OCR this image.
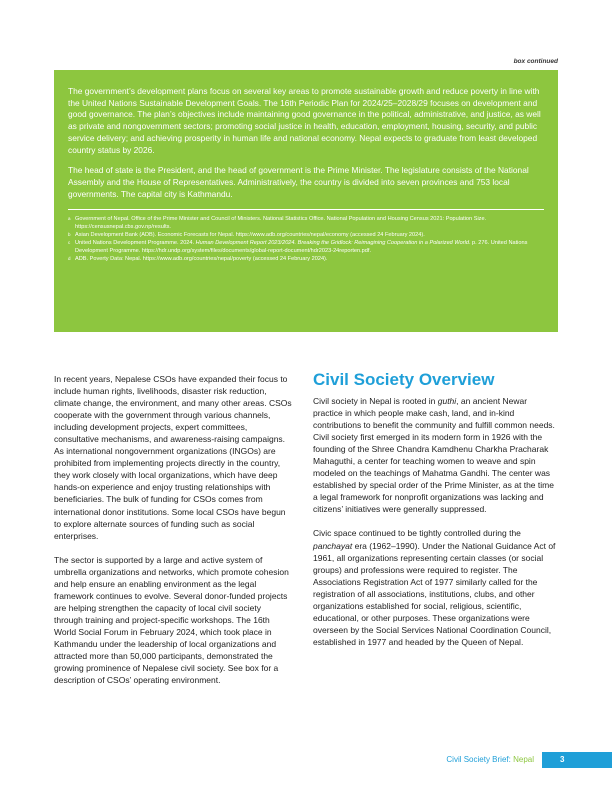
box continued

The government’s development plans focus on several key areas to promote sustainable growth and reduce poverty in line with the United Nations Sustainable Development Goals. The 16th Periodic Plan for 2024/25–2028/29 focuses on development and good governance. The plan’s objectives include maintaining good governance in the political, administrative, and justice, as well as private and nongovernment sectors; promoting social justice in health, education, employment, housing, security, and public service delivery; and achieving prosperity in human life and national economy. Nepal expects to graduate from least developed country status by 2026.

The head of state is the President, and the head of government is the Prime Minister. The legislature consists of the National Assembly and the House of Representatives. Administratively, the country is divided into seven provinces and 753 local governments. The capital city is Kathmandu.

a Government of Nepal. Office of the Prime Minister and Council of Ministers. National Statistics Office. National Population and Housing Census 2021: Population Size. https://censusnepal.cbs.gov.np/results.
b Asian Development Bank (ADB). Economic Forecasts for Nepal. https://www.adb.org/countries/nepal/economy (accessed 24 February 2024).
c United Nations Development Programme. 2024. Human Development Report 2023/2024. Breaking the Gridlock: Reimagining Cooperation in a Polarized World. p. 276. United Nations Development Programme. https://hdr.undp.org/system/files/documents/global-report-document/hdr2023-24reporten.pdf.
d ADB. Poverty Data: Nepal. https://www.adb.org/countries/nepal/poverty (accessed 24 February 2024).

In recent years, Nepalese CSOs have expanded their focus to include human rights, livelihoods, disaster risk reduction, climate change, the environment, and many other areas. CSOs cooperate with the government through various channels, including development projects, expert committees, consultative mechanisms, and awareness-raising campaigns. As international nongovernment organizations (INGOs) are prohibited from implementing projects directly in the country, they work closely with local organizations, which have deep hands-on experience and enjoy trusting relationships with beneficiaries. The bulk of funding for CSOs comes from international donor institutions. Some local CSOs have begun to explore alternate sources of funding such as social enterprises.

The sector is supported by a large and active system of umbrella organizations and networks, which promote cohesion and help ensure an enabling environment as the legal framework continues to evolve. Several donor-funded projects are helping strengthen the capacity of local civil society through training and project-specific workshops. The 16th World Social Forum in February 2024, which took place in Kathmandu under the leadership of local organizations and attracted more than 50,000 participants, demonstrated the growing prominence of Nepalese civil society. See box for a description of CSOs’ operating environment.

Civil Society Overview

Civil society in Nepal is rooted in guthi, an ancient Newar practice in which people make cash, land, and in-kind contributions to benefit the community and fulfill common needs. Civil society first emerged in its modern form in 1926 with the founding of the Shree Chandra Kamdhenu Charkha Pracharak Mahaguthi, a center for teaching women to weave and spin modeled on the teachings of Mahatma Gandhi. The center was established by special order of the Prime Minister, as at the time a legal framework for nonprofit organizations was lacking and citizens’ initiatives were generally suppressed.

Civic space continued to be tightly controlled during the panchayat era (1962–1990). Under the National Guidance Act of 1961, all organizations representing certain classes (or social groups) and professions were required to register. The Associations Registration Act of 1977 similarly called for the registration of all associations, institutions, clubs, and other organizations established for social, religious, scientific, educational, or other purposes. These organizations were overseen by the Social Services National Coordination Council, established in 1977 and headed by the Queen of Nepal.

Civil Society Brief: Nepal	3
